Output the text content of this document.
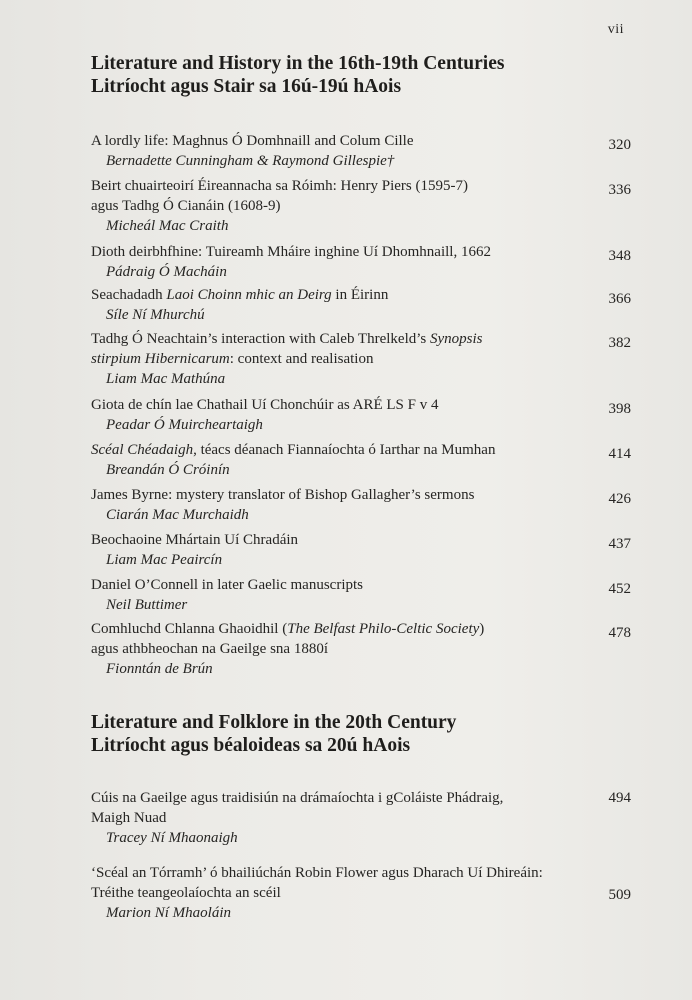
vii
Literature and History in the 16th-19th Centuries
Litríocht agus Stair sa 16ú-19ú hAois
A lordly life: Maghnus Ó Domhnaill and Colum Cille
Bernadette Cunningham & Raymond Gillespie†
320
Beirt chuairteoirí Éireannacha sa Róimh: Henry Piers (1595-7)
agus Tadhg Ó Cianáin (1608-9)
Micheál Mac Craith
336
Dioth deirbhfhine: Tuireamh Mháire inghine Uí Dhomhnaill, 1662
Pádraig Ó Macháin
348
Seachadadh Laoi Choinn mhic an Deirg in Éirinn
Síle Ní Mhurchú
366
Tadhg Ó Neachtain’s interaction with Caleb Threlkeld’s Synopsis
stirpium Hibernicarum: context and realisation
Liam Mac Mathúna
382
Giota de chín lae Chathail Uí Chonchúir as ARÉ LS F v 4
Peadar Ó Muircheartaigh
398
Scéal Chéadaigh, téacs déanach Fiannaíochta ó Iarthar na Mumhan
Breandán Ó Cróinín
414
James Byrne: mystery translator of Bishop Gallagher’s sermons
Ciarán Mac Murchaidh
426
Beochaoine Mhártain Uí Chradáin
Liam Mac Peaircín
437
Daniel O’Connell in later Gaelic manuscripts
Neil Buttimer
452
Comhluchd Chlanna Ghaoidhil (The Belfast Philo-Celtic Society)
agus athbheochan na Gaeilge sna 1880í
Fionntán de Brún
478
Literature and Folklore in the 20th Century
Litríocht agus béaloideas sa 20ú hAois
Cúis na Gaeilge agus traidisiún na drámaíochta i gColáiste Phádraig,
Maigh Nuad
Tracey Ní Mhaonaigh
494
‘Scéal an Tórramh’ ó bhailiúchán Robin Flower agus Dharach Uí Dhireáin:
Tréithe teangeolaíochta an scéil
Marion Ní Mhaoláin
509
